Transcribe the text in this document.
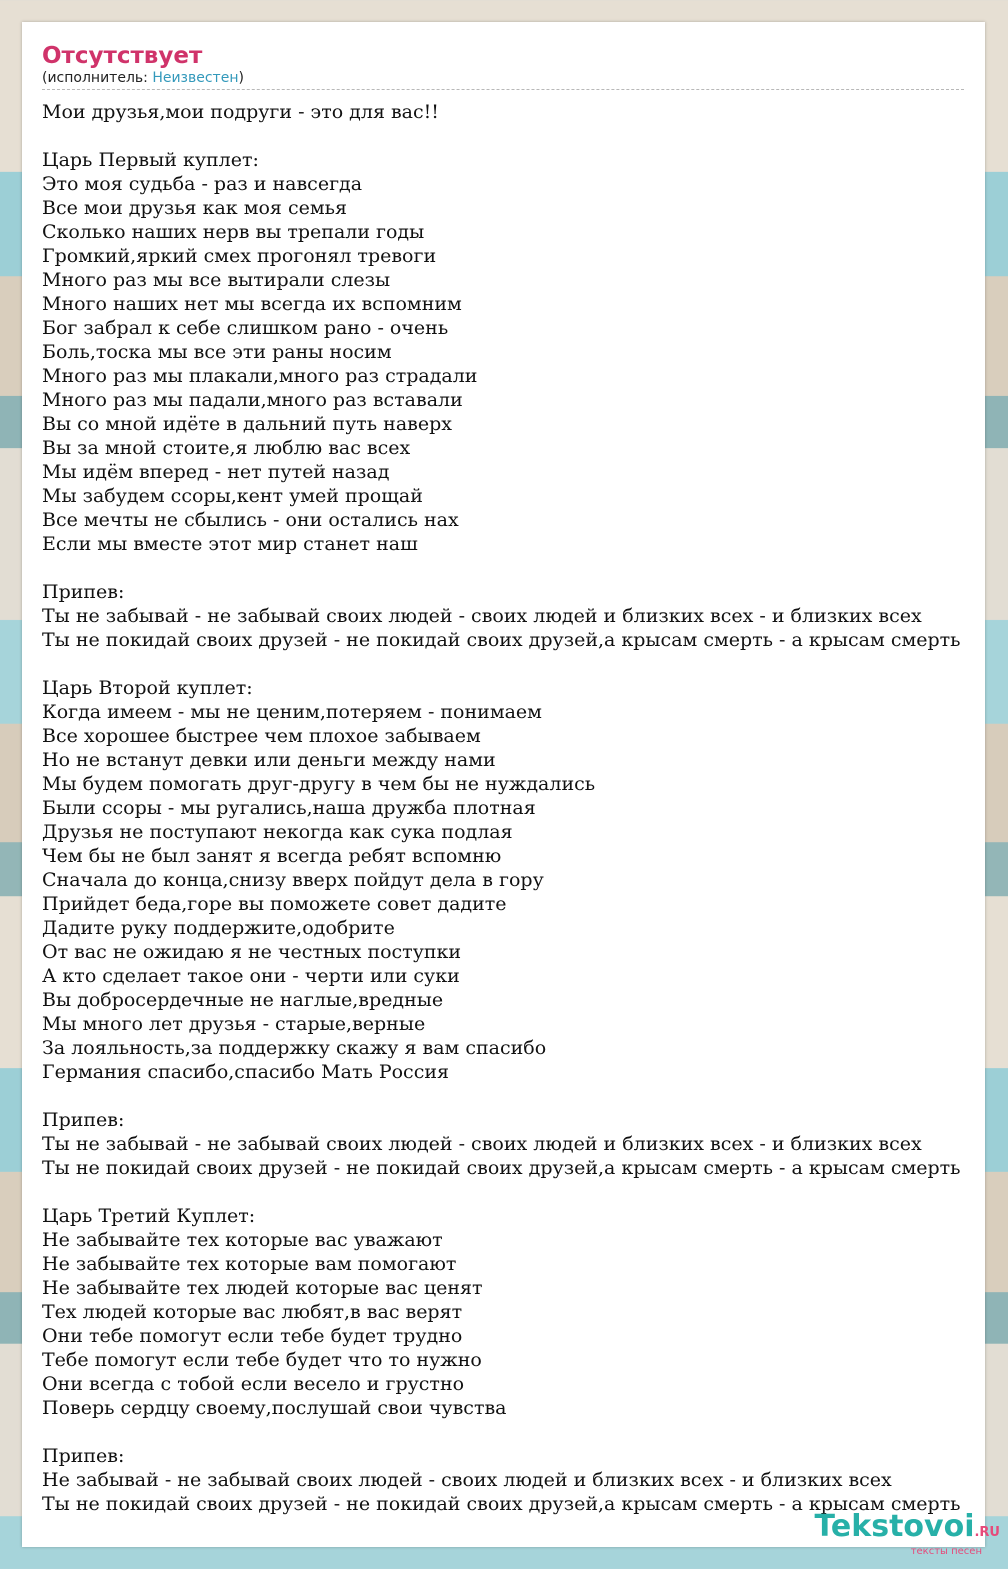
Отсутствует
(исполнитель: Неизвестен)
Мои друзья,мои подруги - это для вас!!

Царь Первый куплет:
Это моя судьба - раз и навсегда
Все мои друзья как моя семья
Сколько наших нерв вы трепали годы
Громкий,яркий смех прогонял тревоги
Много раз мы все вытирали слезы
Много наших нет мы всегда их вспомним
Бог забрал к себе слишком рано - очень
Боль,тоска мы все эти раны носим
Много раз мы плакали,много раз страдали
Много раз мы падали,много раз вставали
Вы со мной идёте в дальний путь наверх
Вы за мной стоите,я люблю вас всех
Мы идём вперед - нет путей назад
Мы забудем ссоры,кент умей прощай
Все мечты не сбылись - они остались нах
Если мы вместе этот мир станет наш

Припев:
Ты не забывай - не забывай своих людей - своих людей и близких всех - и близких всех
Ты не покидай своих друзей - не покидай своих друзей,а крысам смерть - а крысам смерть

Царь Второй куплет:
Когда имеем - мы не ценим,потеряем - понимаем
Все хорошее быстрее чем плохое забываем
Но не встанут девки или деньги между нами
Мы будем помогать друг-другу в чем бы не нуждались
Были ссоры - мы ругались,наша дружба плотная
Друзья не поступают некогда как сука подлая
Чем бы не был занят я всегда ребят вспомню
Сначала до конца,снизу вверх пойдут дела в гору
Прийдет беда,горе вы поможете совет дадите
Дадите руку поддержите,одобрите
От вас не ожидаю я не честных поступки
А кто сделает такое они - черти или суки
Вы добросердечные не наглые,вредные
Мы много лет друзья - старые,верные
За лояльность,за поддержку скажу я вам спасибо
Германия спасибо,спасибо Мать Россия

Припев:
Ты не забывай - не забывай своих людей - своих людей и близких всех - и близких всех
Ты не покидай своих друзей - не покидай своих друзей,а крысам смерть - а крысам смерть

Царь Третий Куплет:
Не забывайте тех которые вас уважают
Не забывайте тех которые вам помогают
Не забывайте тех людей которые вас ценят
Тех людей которые вас любят,в вас верят
Они тебе помогут если тебе будет трудно
Тебе помогут если тебе будет что то нужно
Они всегда с тобой если весело и грустно
Поверь сердцу своему,послушай свои чувства

Припев:
Не забывай - не забывай своих людей - своих людей и близких всех - и близких всех
Ты не покидай своих друзей - не покидай своих друзей,а крысам смерть - а крысам смерть
Tekstovoi.RU
тексты песен
